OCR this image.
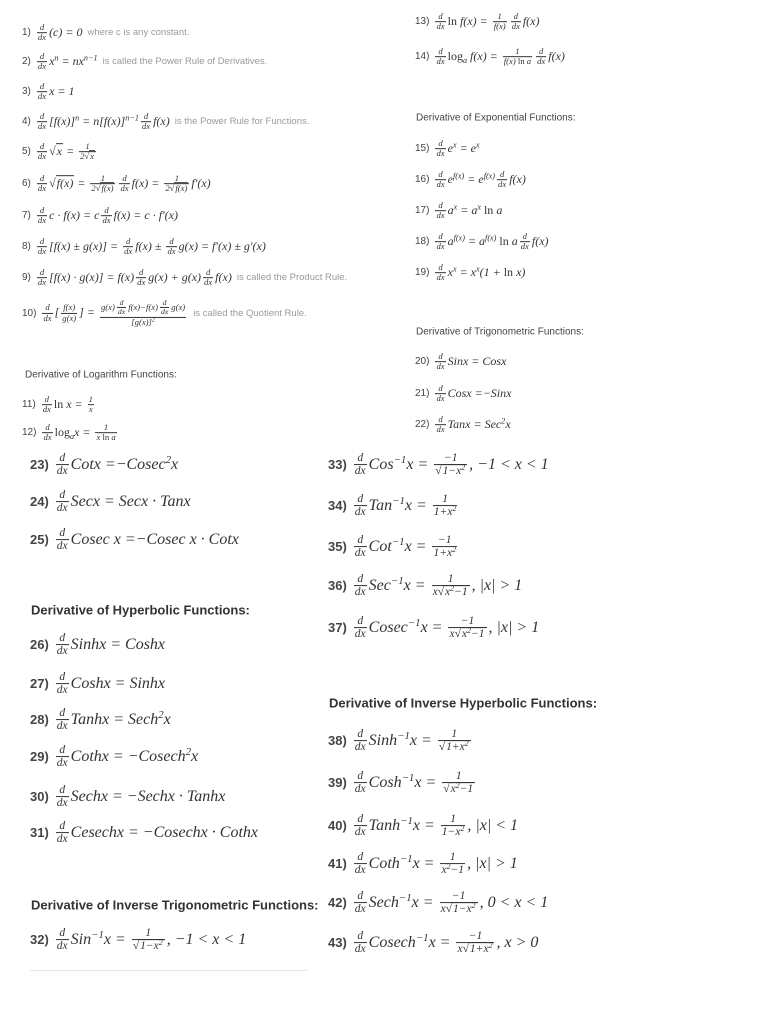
$1) \frac{d}{dx} (c) = 0$ where c is any constant.
$2) \frac{d}{dx} x^n = nx^{n-1}$ is called the Power Rule of Derivatives.
$3) \frac{d}{dx}$ x = 1
$4) \frac{d}{dx} [f(x)]^n = n[f(x)]^{n-1} \frac{d}{dx} f(x)$ is the Power Rule for Functions.
$5) \frac{d}{dx}$ √ $x = \frac{1}{2 √ x}$
$6) \frac{d}{dx}$ √ $f(x) = \frac{1}{2 √ f(x)} \frac{d}{dx} f(x) = \frac{1}{2 √ f(x)} f'(x)$
$7) \frac{d}{dx}$ c · f(x) = c $\frac{d}{dx} f(x) = c \cdot f'(x)$
$8) \frac{d}{dx} [f(x) \pm g(x)] = \frac{d}{dx} f(x) \pm \frac{d}{dx} g(x) = f'(x) \pm g'(x)$
$9) \frac{d}{dx} [f(x) \cdot g(x)] = f(x) \frac{d}{dx} g(x) + g(x) \frac{d}{dx} f(x)$ is called the Product Rule.
$10) \frac{d}{dx}$ [ $\frac{f(x)}{g(x)}$ ] = $\frac{g(x) \frac{d}{dx} f(x)-f(x) \frac{d}{dx} g(x)}{[g(x)]^2}$ is called the Quotient Rule.
Derivative of Logarithm Functions:
$11) \frac{d}{dx}$ $\ln x = \frac{1}{x}$
$12) \frac{d}{dx} \log_ax = \frac{1}{\text{x ln a}}$
$13) \frac{d}{dx}$ $\ln f(x) = \frac{1}{f(x)} \frac{d}{dx} f(x)$
$14) \frac{d}{dx} \log_a f(x) = \frac{1}{\text{f(x) ln a}} \frac{d}{dx} f(x)$
Derivative of Exponential Functions:
$15) \frac{d}{dx} e^x = e^x$
$16) \frac{d}{dx} e^{f(x)} = e^{f(x)} \frac{d}{dx} f(x)$
$17) \frac{d}{dx} a^x = a^x$ ln a
$18) \frac{d}{dx} a^{f(x)} = a^{f(x)}$ ln a $\frac{d}{dx} f(x)$
$19) \frac{d}{dx} x^x = x^x(1 + \ln x)$
Derivative of Trigonometric Functions:
$20) \frac{d}{dx}$ Sinx = Cosx
$21) \frac{d}{dx}$ Cosx =−Sinx
$22) \frac{d}{dx}$ Tanx = Sec$^2$x
$23) \frac{d}{dx}$ Cotx =−Cosec$^2$x
$24) \frac{d}{dx}$ Secx = Secx · Tanx
$25) \frac{d}{dx}$ Cosec x =−Cosec x · Cotx
Derivative of Hyperbolic Functions:
$26) \frac{d}{dx}$ Sinhx = Coshx
$27) \frac{d}{dx}$ Coshx = Sinhx
$28) \frac{d}{dx}$ Tanhx = Sech$^2$x
$29) \frac{d}{dx}$ Cothx = −Cosech$^2$x
$30) \frac{d}{dx}$ Sechx = −Sechx · Tanhx
$31) \frac{d}{dx}$ Cesechx = −Cosechx · Cothx
Derivative of Inverse Trigonometric Functions:
$32) \frac{d}{dx} Sin^{-1}x = 1$
√ $1-x^2$ , −1 < x < 1
$33) \frac{d}{dx} Cos^{-1}x = -1$
√ $1-x^2$ , −1 < x < 1
$34) \frac{d}{dx} Tan^{-1}x = \frac{1}{1+x^2}$
$35) \frac{d}{dx} Cot^{-1}x = \frac{-1}{1+x^2}$
$36) \frac{d}{dx} Sec^{-1}x = \frac{1}{x √ x^2-1}$ , |x| > 1
$37) \frac{d}{dx} Cosec^{-1}x = \frac{-1}{x √ x^2-1}$ , |x| > 1
Derivative of Inverse Hyperbolic Functions:
$38) \frac{d}{dx}$ Sinh$^{-1}$x = 1
√ $1+x^2$
$39) \frac{d}{dx}$ Cosh$^{-1}$x = 1
√ $x^2-1$
$40) \frac{d}{dx}$ Tanh$^{-1}$x = $\frac{1}{1-x^2}$ , |x| < 1
$41) \frac{d}{dx}$ Coth$^{-1}$x = $\frac{1}{x^2-1}$ , |x| > 1
$42) \frac{d}{dx}$ Sech$^{-1}$x = $\frac{-1}{x √ 1-x^2}$ , 0 < x < 1
$43) \frac{d}{dx} Cosech^{-1}x = \frac{-1}{x √ 1+x^2}$ , x > 0
